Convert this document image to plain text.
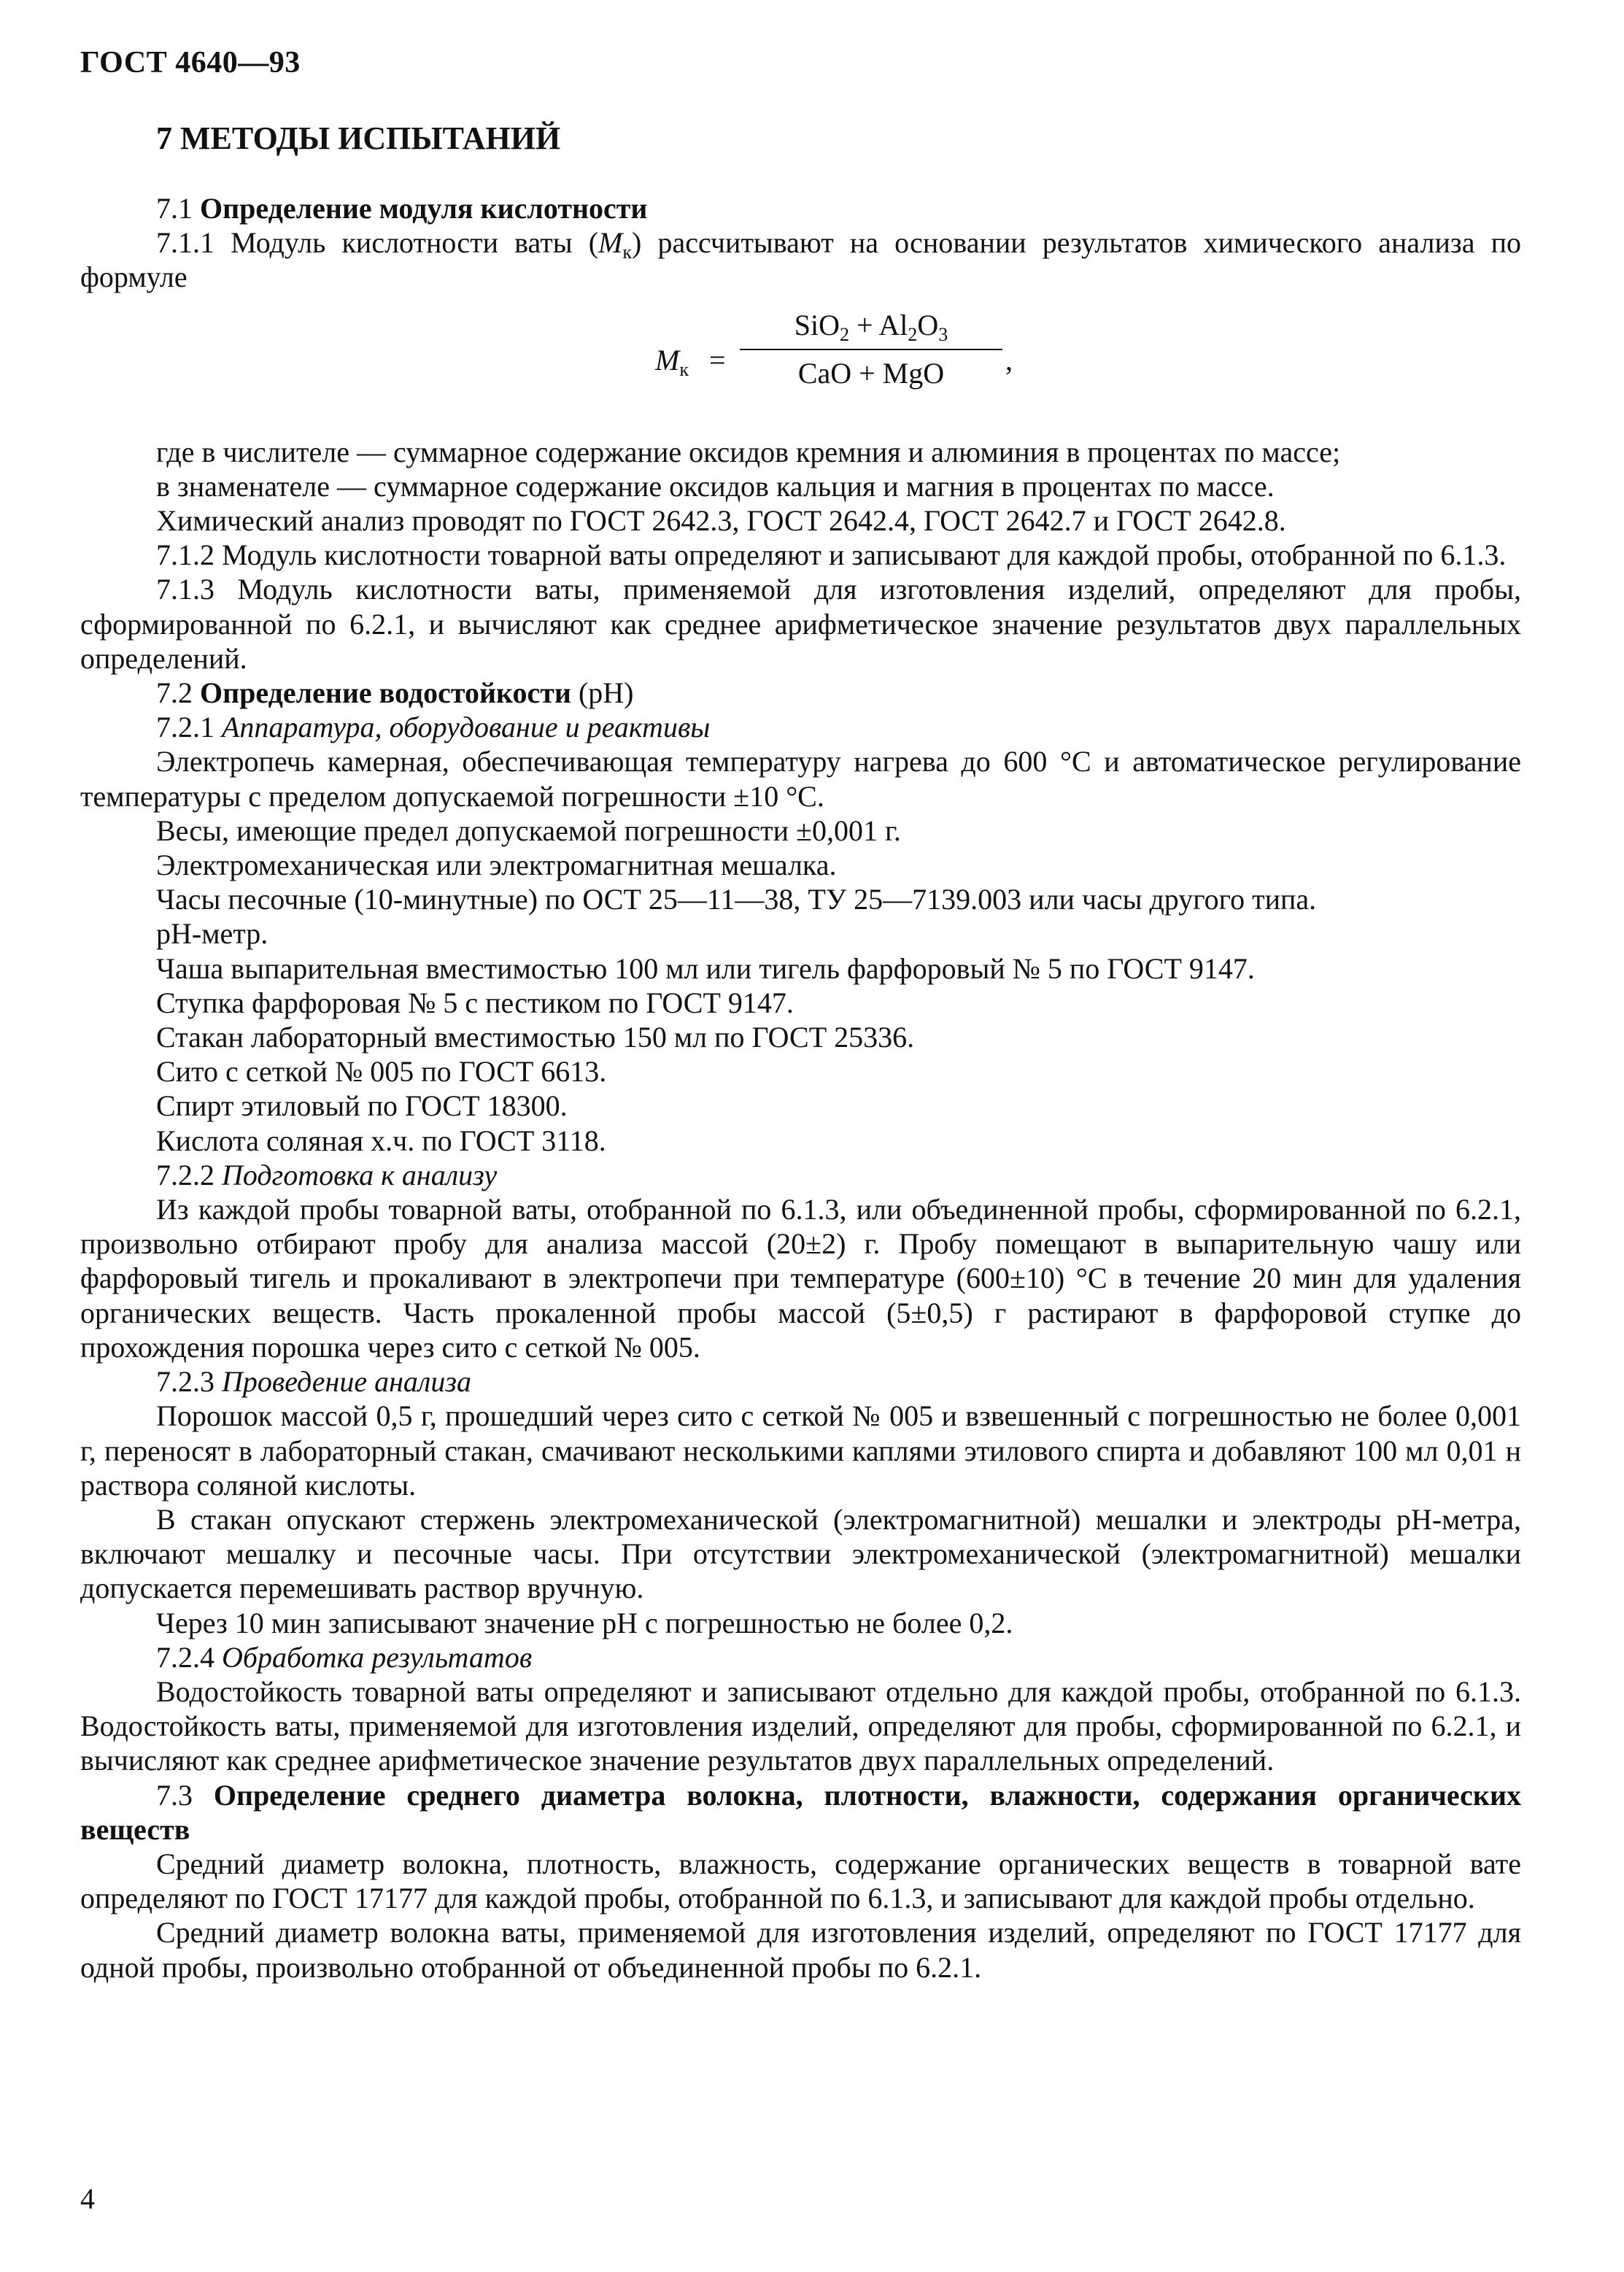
ГОСТ 4640—93
7 МЕТОДЫ ИСПЫТАНИЙ

7.1 Определение модуля кислотности

7.1.1 Модуль кислотности ваты $(M_к)$ рассчитывают на основании результатов химического анализа по формуле

$M_к$ =
$SiO_2 + Al_2O_3$
CaO + MgO	,

где в числителе — суммарное содержание оксидов кремния и алюминия в процентах по массе;

в знаменателе — суммарное содержание оксидов кальция и магния в процентах по массе.

Химический анализ проводят по ГОСТ 2642.3, ГОСТ 2642.4, ГОСТ 2642.7 и ГОСТ 2642.8.

7.1.2 Модуль кислотности товарной ваты определяют и записывают для каждой пробы, отобранной по 6.1.3.

7.1.3 Модуль кислотности ваты, применяемой для изготовления изделий, определяют для пробы, сформированной по 6.2.1, и вычисляют как среднее арифметическое значение результатов двух параллельных определений.

7.2 Определение водостойкости (pH)

7.2.1 Аппаратура, оборудование и реактивы

Электропечь камерная, обеспечивающая температуру нагрева до 600 °С и автоматическое регулирование температуры с пределом допускаемой погрешности ±10 °С.

Весы, имеющие предел допускаемой погрешности ±0,001 г.

Электромеханическая или электромагнитная мешалка.

Часы песочные (10-минутные) по ОСТ 25—11—38, ТУ 25—7139.003 или часы другого типа.

рН-метр.

Чаша выпарительная вместимостью 100 мл или тигель фарфоровый № 5 по ГОСТ 9147.

Ступка фарфоровая № 5 с пестиком по ГОСТ 9147.

Стакан лабораторный вместимостью 150 мл по ГОСТ 25336.

Сито с сеткой № 005 по ГОСТ 6613.

Спирт этиловый по ГОСТ 18300.

Кислота соляная х.ч. по ГОСТ 3118.

7.2.2 Подготовка к анализу

Из каждой пробы товарной ваты, отобранной по 6.1.3, или объединенной пробы, сформированной по 6.2.1, произвольно отбирают пробу для анализа массой (20±2) г. Пробу помещают в выпарительную чашу или фарфоровый тигель и прокаливают в электропечи при температуре (600±10) °С в течение 20 мин для удаления органических веществ. Часть прокаленной пробы массой (5±0,5) г растирают в фарфоровой ступке до прохождения порошка через сито с сеткой № 005.

7.2.3 Проведение анализа

Порошок массой 0,5 г, прошедший через сито с сеткой № 005 и взвешенный с погрешностью не более 0,001 г, переносят в лабораторный стакан, смачивают несколькими каплями этилового спирта и добавляют 100 мл 0,01 н раствора соляной кислоты.

В стакан опускают стержень электромеханической (электромагнитной) мешалки и электроды рН-метра, включают мешалку и песочные часы. При отсутствии электромеханической (электромагнитной) мешалки допускается перемешивать раствор вручную.

Через 10 мин записывают значение рН с погрешностью не более 0,2.

7.2.4 Обработка результатов

Водостойкость товарной ваты определяют и записывают отдельно для каждой пробы, отобранной по 6.1.3. Водостойкость ваты, применяемой для изготовления изделий, определяют для пробы, сформированной по 6.2.1, и вычисляют как среднее арифметическое значение результатов двух параллельных определений.

7.3 Определение среднего диаметра волокна, плотности, влажности, содержания органических веществ

Средний диаметр волокна, плотность, влажность, содержание органических веществ в товарной вате определяют по ГОСТ 17177 для каждой пробы, отобранной по 6.1.3, и записывают для каждой пробы отдельно.

Средний диаметр волокна ваты, применяемой для изготовления изделий, определяют по ГОСТ 17177 для одной пробы, произвольно отобранной от объединенной пробы по 6.2.1.

4
